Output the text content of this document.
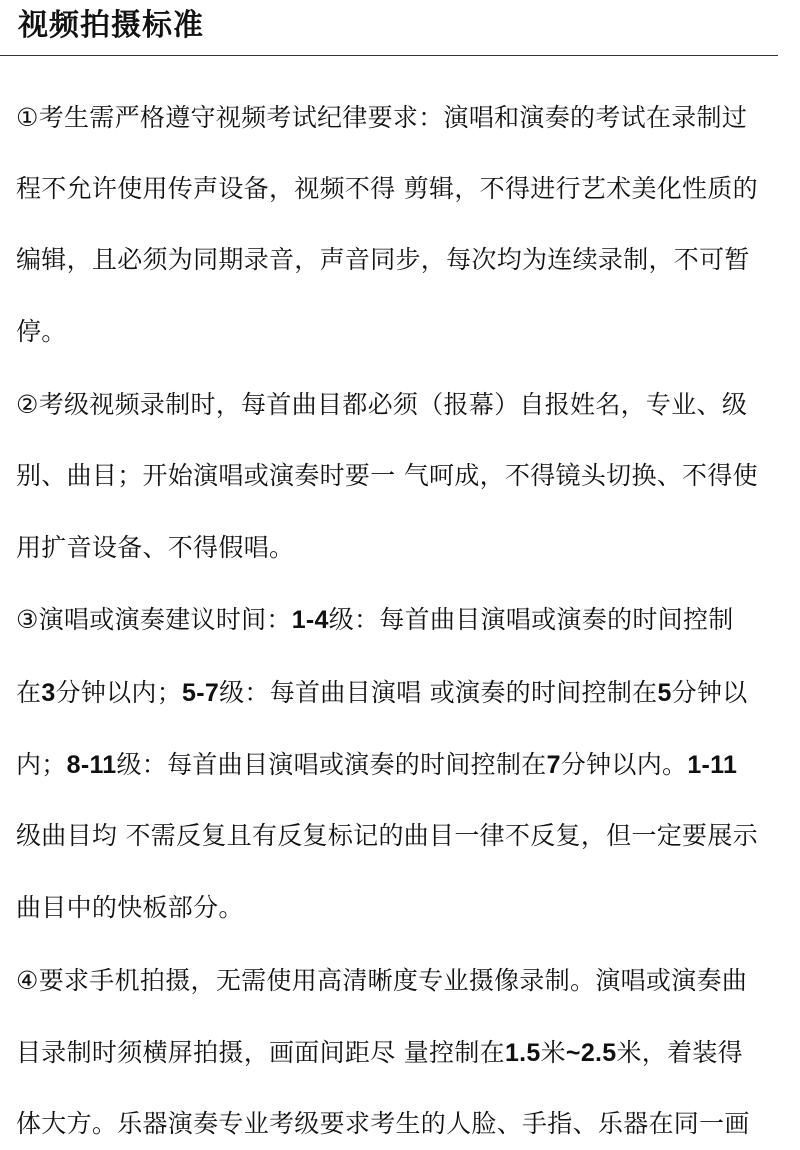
视频拍摄标准

①考生需严格遵守视频考试纪律要求：演唱和演奏的考试在录制过

程不允许使用传声设备，视频不得 剪辑，不得进行艺术美化性质的

编辑，且必须为同期录音，声音同步，每次均为连续录制，不可暂

停。

②考级视频录制时，每首曲目都必须（报幕）自报姓名，专业、级

别、曲目；开始演唱或演奏时要一 气呵成，不得镜头切换、不得使

用扩音设备、不得假唱。

③演唱或演奏建议时间：1-4级：每首曲目演唱或演奏的时间控制

在3分钟以内；5-7级：每首曲目演唱 或演奏的时间控制在5分钟以

内；8-11级：每首曲目演唱或演奏的时间控制在7分钟以内。1-11

级曲目均 不需反复且有反复标记的曲目一律不反复，但一定要展示

曲目中的快板部分。

④要求手机拍摄，无需使用高清晰度专业摄像录制。演唱或演奏曲

目录制时须横屏拍摄，画面间距尽 量控制在1.5米~2.5米，着装得

体大方。乐器演奏专业考级要求考生的人脸、手指、乐器在同一画
